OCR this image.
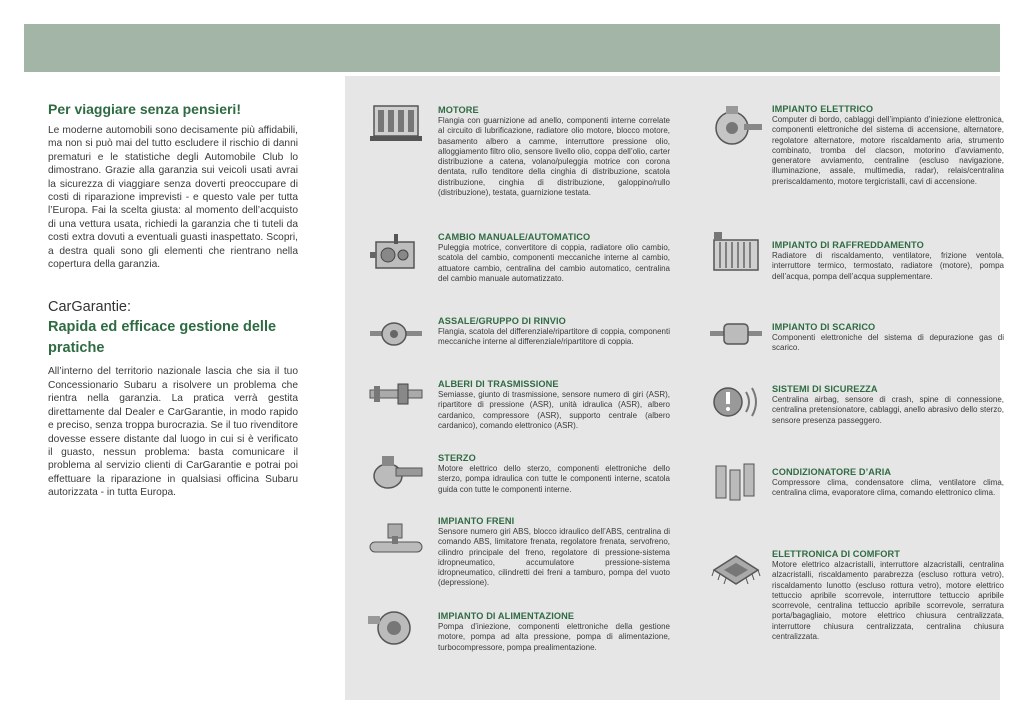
Per viaggiare senza pensieri!

Le moderne automobili sono decisamente più affidabili, ma non si può mai del tutto escludere il rischio di danni prematuri e le statistiche degli Automobile Club lo dimostrano. Grazie alla garanzia sui veicoli usati avrai la sicurezza di viaggiare senza doverti preoccupare di costi di riparazione imprevisti - e questo vale per tutta l’Europa. Fai la scelta giusta: al momento dell’acquisto di una vettura usata, richiedi la garanzia che ti tuteli da costi extra dovuti a eventuali guasti inaspettato. Scopri, a destra quali sono gli elementi che rientrano nella copertura della garanzia.

CarGarantie:
Rapida ed efficace gestione delle pratiche

All’interno del territorio nazionale lascia che sia il tuo Concessionario Subaru a risolvere un problema che rientra nella garanzia. La pratica verrà gestita direttamente dal Dealer e CarGarantie, in modo rapido e preciso, senza troppa burocrazia. Se il tuo rivenditore dovesse essere distante dal luogo in cui si è verificato il guasto, nessun problema: basta comunicare il problema al servizio clienti di CarGarantie e potrai poi effettuare la riparazione in qualsiasi officina Subaru autorizzata - in tutta Europa.

MOTORE

Flangia con guarnizione ad anello, componenti interne correlate al circuito di lubrificazione, radiatore olio motore, blocco motore, basamento albero a camme, interruttore pressione olio, alloggiamento filtro olio, sensore livello olio, coppa dell’olio, carter distribuzione a catena, volano/puleggia motrice con corona dentata, rullo tenditore della cinghia di distribuzione, scatola distribuzione, cinghia di distribuzione, galoppino/rullo (distribuzione), testata, guarnizione testata.

CAMBIO MANUALE/AUTOMATICO

Puleggia motrice, convertitore di coppia, radiatore olio cambio, scatola del cambio, componenti meccaniche interne al cambio, attuatore cambio, centralina del cambio automatico, centralina del cambio manuale automatizzato.

ASSALE/GRUPPO DI RINVIO

Flangia, scatola del differenziale/ripartitore di coppia, componenti meccaniche interne al differenziale/ripartitore di coppia.

ALBERI DI TRASMISSIONE

Semiasse, giunto di trasmissione, sensore numero di giri (ASR), ripartitore di pressione (ASR), unità idraulica (ASR), albero cardanico, compressore (ASR), supporto centrale (albero cardanico), comando elettronico (ASR).

STERZO

Motore elettrico dello sterzo, componenti elettroniche dello sterzo, pompa idraulica con tutte le componenti interne, scatola guida con tutte le componenti interne.

IMPIANTO FRENI

Sensore numero giri ABS, blocco idraulico dell’ABS, centralina di comando ABS, limitatore frenata, regolatore frenata, servofreno, cilindro principale del freno, regolatore di pressione-sistema idropneumatico, accumulatore pressione-sistema idropneumatico, cilindretti dei freni a tamburo, pompa del vuoto (depressione).

IMPIANTO DI ALIMENTAZIONE

Pompa d’iniezione, componenti elettroniche della gestione motore, pompa ad alta pressione, pompa di alimentazione, turbocompressore, pompa prealimentazione.

IMPIANTO ELETTRICO

Computer di bordo, cablaggi dell’impianto d’iniezione elettronica, componenti elettroniche del sistema di accensione, alternatore, regolatore alternatore, motore riscaldamento aria, strumento combinato, tromba del clacson, motorino d’avviamento, generatore avviamento, centraline (escluso navigazione, illuminazione, assale, multimedia, radar), relais/centralina preriscaldamento, motore tergicristalli, cavi di accensione.

IMPIANTO DI RAFFREDDAMENTO

Radiatore di riscaldamento, ventilatore, frizione ventola, interruttore termico, termostato, radiatore (motore), pompa dell’acqua, pompa dell’acqua supplementare.

IMPIANTO DI SCARICO

Componenti elettroniche del sistema di depurazione gas di scarico.

SISTEMI DI SICUREZZA

Centralina airbag, sensore di crash, spine di connessione, centralina pretensionatore, cablaggi, anello abrasivo dello sterzo, sensore presenza passeggero.

CONDIZIONATORE D’ARIA

Compressore clima, condensatore clima, ventilatore clima, centralina clima, evaporatore clima, comando elettronico clima.

ELETTRONICA DI COMFORT

Motore elettrico alzacristalli, interruttore alzacristalli, centralina alzacristalli, riscaldamento parabrezza (escluso rottura vetro), riscaldamento lunotto (escluso rottura vetro), motore elettrico tettuccio apribile scorrevole, interruttore tettuccio apribile scorrevole, centralina tettuccio apribile scorrevole, serratura porta/bagagliaio, motore elettrico chiusura centralizzata, interruttore chiusura centralizzata, centralina chiusura centralizzata.
